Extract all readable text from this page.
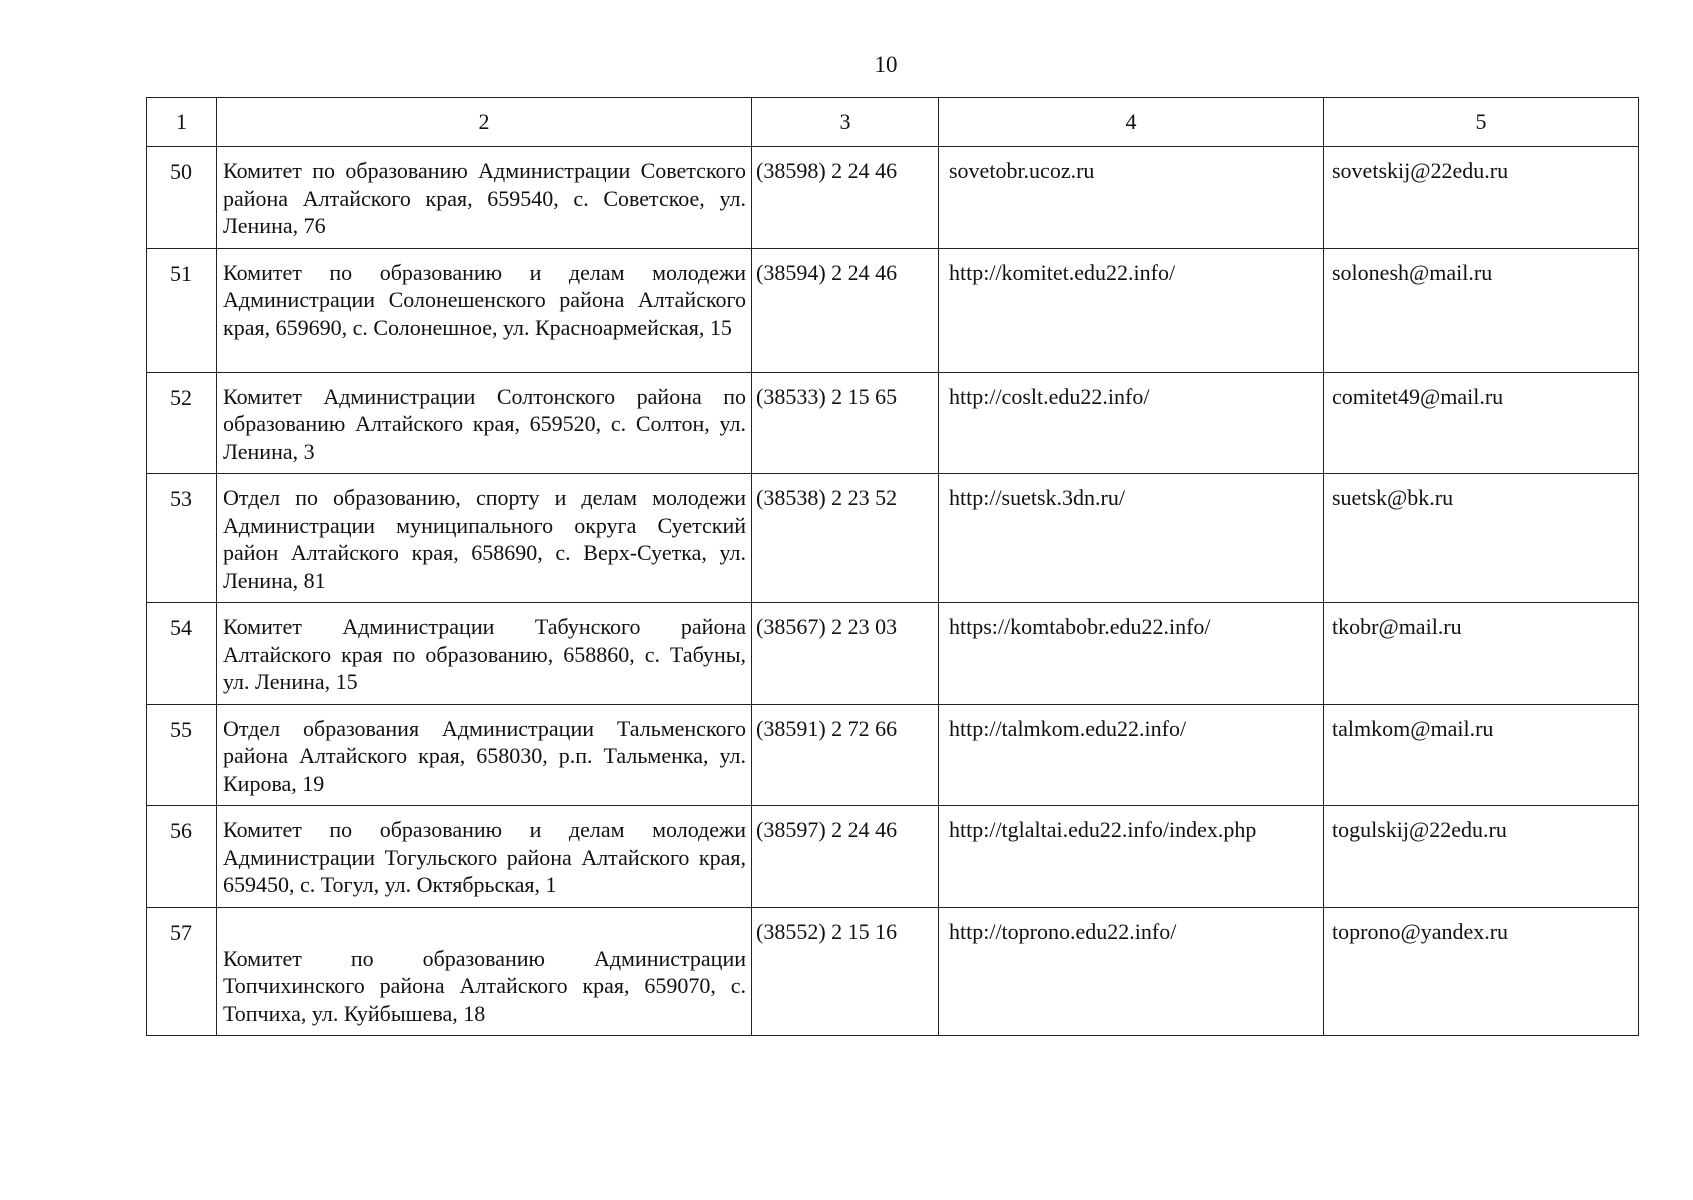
10
1	2	3	4	5
50	Комитет по образованию Администрации Советского района Алтайского края, 659540, с. Советское, ул. Ленина, 76	(38598) 2 24 46	sovetobr.ucoz.ru	sovetskij@22edu.ru
51	Комитет по образованию и делам молодежи Администрации Солонешенского района Алтайского края, 659690, с. Солонешное, ул. Красноармейская, 15	(38594) 2 24 46	http://komitet.edu22.info/	solonesh@mail.ru
52	Комитет Администрации Солтонского района по образованию Алтайского края, 659520, с. Солтон, ул. Ленина, 3	(38533) 2 15 65	http://coslt.edu22.info/	comitet49@mail.ru
53	Отдел по образованию, спорту и делам молодежи Администрации муниципального округа Суетский район Алтайского края, 658690, с. Верх-Суетка, ул. Ленина, 81	(38538) 2 23 52	http://suetsk.3dn.ru/	suetsk@bk.ru
54	Комитет Администрации Табунского района Алтайского края по образованию, 658860, с. Табуны, ул. Ленина, 15	(38567) 2 23 03	https://komtabobr.edu22.info/	tkobr@mail.ru
55	Отдел образования Администрации Тальменского района Алтайского края, 658030, р.п. Тальменка, ул. Кирова, 19	(38591) 2 72 66	http://talmkom.edu22.info/	talmkom@mail.ru
56	Комитет по образованию и делам молодежи Администрации Тогульского района Алтайского края, 659450, с. Тогул, ул. Октябрьская, 1	(38597) 2 24 46	http://tglaltai.edu22.info/index.php	togulskij@22edu.ru
57	Комитет по образованию Администрации Топчихинского района Алтайского края, 659070, с. Топчиха, ул. Куйбышева, 18	(38552) 2 15 16	http://toprono.edu22.info/	toprono@yandex.ru
